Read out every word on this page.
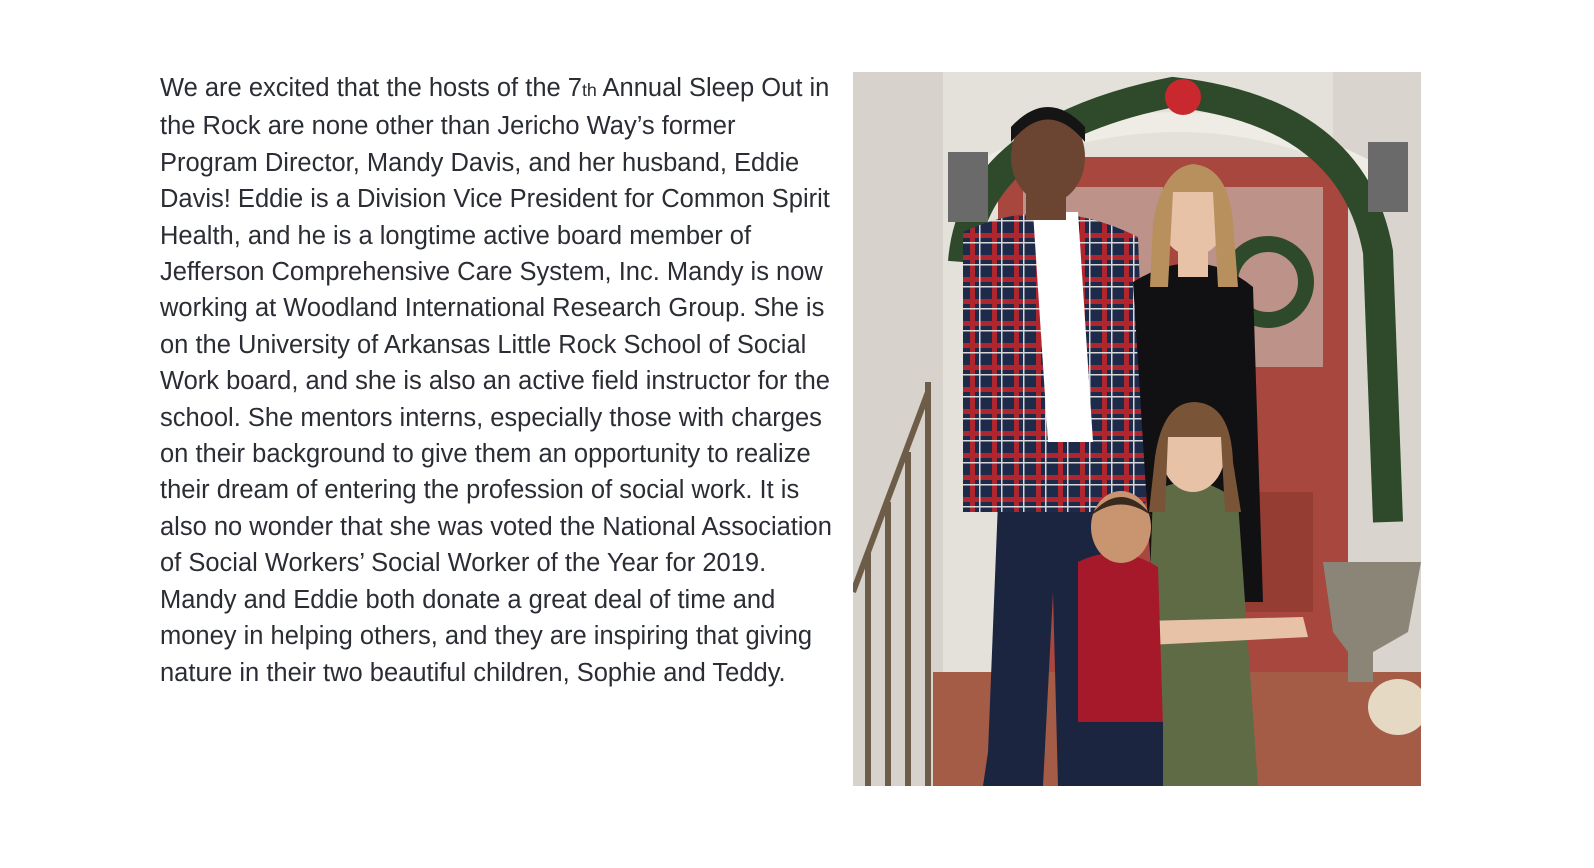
We are excited that the hosts of the 7th Annual Sleep Out in the Rock are none other than Jericho Way’s former Program Director, Mandy Davis, and her husband, Eddie Davis! Eddie is a Division Vice President for Common Spirit Health, and he is a longtime active board member of Jefferson Comprehensive Care System, Inc. Mandy is now working at Woodland International Research Group. She is on the University of Arkansas Little Rock School of Social Work board, and she is also an active field instructor for the school. She mentors interns, especially those with charges on their background to give them an opportunity to realize their dream of entering the profession of social work. It is also no wonder that she was voted the National Association of Social Workers’ Social Worker of the Year for 2019. Mandy and Eddie both donate a great deal of time and money in helping others, and they are inspiring that giving nature in their two beautiful children, Sophie and Teddy.
